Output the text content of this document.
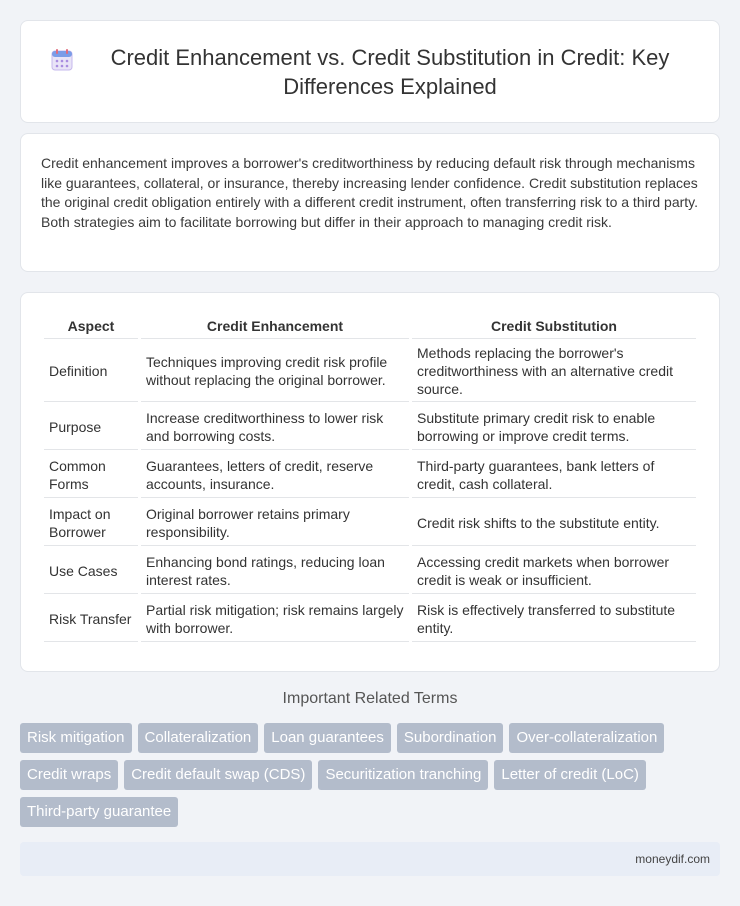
Credit Enhancement vs. Credit Substitution in Credit: Key Differences Explained

Credit enhancement improves a borrower's creditworthiness by reducing default risk through mechanisms like guarantees, collateral, or insurance, thereby increasing lender confidence. Credit substitution replaces the original credit obligation entirely with a different credit instrument, often transferring risk to a third party. Both strategies aim to facilitate borrowing but differ in their approach to managing credit risk.

Aspect	Credit Enhancement	Credit Substitution
Definition	Techniques improving credit risk profile without replacing the original borrower.	Methods replacing the borrower's creditworthiness with an alternative credit source.
Purpose	Increase creditworthiness to lower risk and borrowing costs.	Substitute primary credit risk to enable borrowing or improve credit terms.
Common Forms	Guarantees, letters of credit, reserve accounts, insurance.	Third-party guarantees, bank letters of credit, cash collateral.
Impact on Borrower	Original borrower retains primary responsibility.	Credit risk shifts to the substitute entity.
Use Cases	Enhancing bond ratings, reducing loan interest rates.	Accessing credit markets when borrower credit is weak or insufficient.
Risk Transfer	Partial risk mitigation; risk remains largely with borrower.	Risk is effectively transferred to substitute entity.
Important Related Terms
Risk mitigation	Collateralization	Loan guarantees	Subordination	Over-collateralization
Credit wraps	Credit default swap (CDS)	Securitization tranching	Letter of credit (LoC)
Third-party guarantee
moneydif.com
